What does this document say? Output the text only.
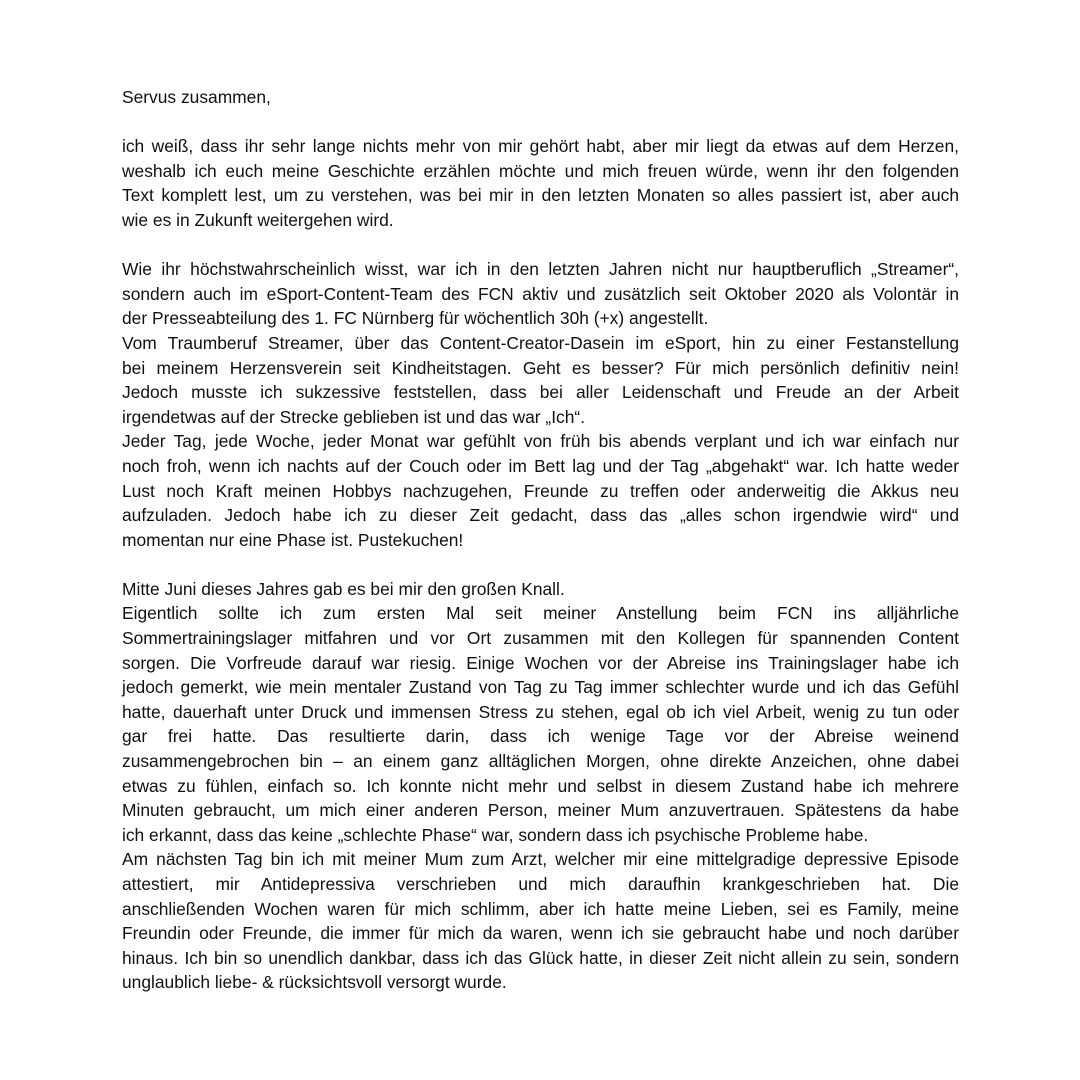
Servus zusammen,
ich weiß, dass ihr sehr lange nichts mehr von mir gehört habt, aber mir liegt da etwas auf dem Herzen,
weshalb ich euch meine Geschichte erzählen möchte und mich freuen würde, wenn ihr den folgenden
Text komplett lest, um zu verstehen, was bei mir in den letzten Monaten so alles passiert ist, aber auch
wie es in Zukunft weitergehen wird.
Wie ihr höchstwahrscheinlich wisst, war ich in den letzten Jahren nicht nur hauptberuflich „Streamer“,
sondern auch im eSport-Content-Team des FCN aktiv und zusätzlich seit Oktober 2020 als Volontär in
der Presseabteilung des 1. FC Nürnberg für wöchentlich 30h (+x) angestellt.
Vom Traumberuf Streamer, über das Content-Creator-Dasein im eSport, hin zu einer Festanstellung
bei meinem Herzensverein seit Kindheitstagen. Geht es besser? Für mich persönlich definitiv nein!
Jedoch musste ich sukzessive feststellen, dass bei aller Leidenschaft und Freude an der Arbeit
irgendetwas auf der Strecke geblieben ist und das war „Ich“.
Jeder Tag, jede Woche, jeder Monat war gefühlt von früh bis abends verplant und ich war einfach nur
noch froh, wenn ich nachts auf der Couch oder im Bett lag und der Tag „abgehakt“ war. Ich hatte weder
Lust noch Kraft meinen Hobbys nachzugehen, Freunde zu treffen oder anderweitig die Akkus neu
aufzuladen. Jedoch habe ich zu dieser Zeit gedacht, dass das „alles schon irgendwie wird“ und
momentan nur eine Phase ist. Pustekuchen!
Mitte Juni dieses Jahres gab es bei mir den großen Knall.
Eigentlich sollte ich zum ersten Mal seit meiner Anstellung beim FCN ins alljährliche
Sommertrainingslager mitfahren und vor Ort zusammen mit den Kollegen für spannenden Content
sorgen. Die Vorfreude darauf war riesig. Einige Wochen vor der Abreise ins Trainingslager habe ich
jedoch gemerkt, wie mein mentaler Zustand von Tag zu Tag immer schlechter wurde und ich das Gefühl
hatte, dauerhaft unter Druck und immensen Stress zu stehen, egal ob ich viel Arbeit, wenig zu tun oder
gar frei hatte. Das resultierte darin, dass ich wenige Tage vor der Abreise weinend
zusammengebrochen bin – an einem ganz alltäglichen Morgen, ohne direkte Anzeichen, ohne dabei
etwas zu fühlen, einfach so. Ich konnte nicht mehr und selbst in diesem Zustand habe ich mehrere
Minuten gebraucht, um mich einer anderen Person, meiner Mum anzuvertrauen. Spätestens da habe
ich erkannt, dass das keine „schlechte Phase“ war, sondern dass ich psychische Probleme habe.
Am nächsten Tag bin ich mit meiner Mum zum Arzt, welcher mir eine mittelgradige depressive Episode
attestiert, mir Antidepressiva verschrieben und mich daraufhin krankgeschrieben hat. Die
anschließenden Wochen waren für mich schlimm, aber ich hatte meine Lieben, sei es Family, meine
Freundin oder Freunde, die immer für mich da waren, wenn ich sie gebraucht habe und noch darüber
hinaus. Ich bin so unendlich dankbar, dass ich das Glück hatte, in dieser Zeit nicht allein zu sein, sondern
unglaublich liebe- & rücksichtsvoll versorgt wurde.
